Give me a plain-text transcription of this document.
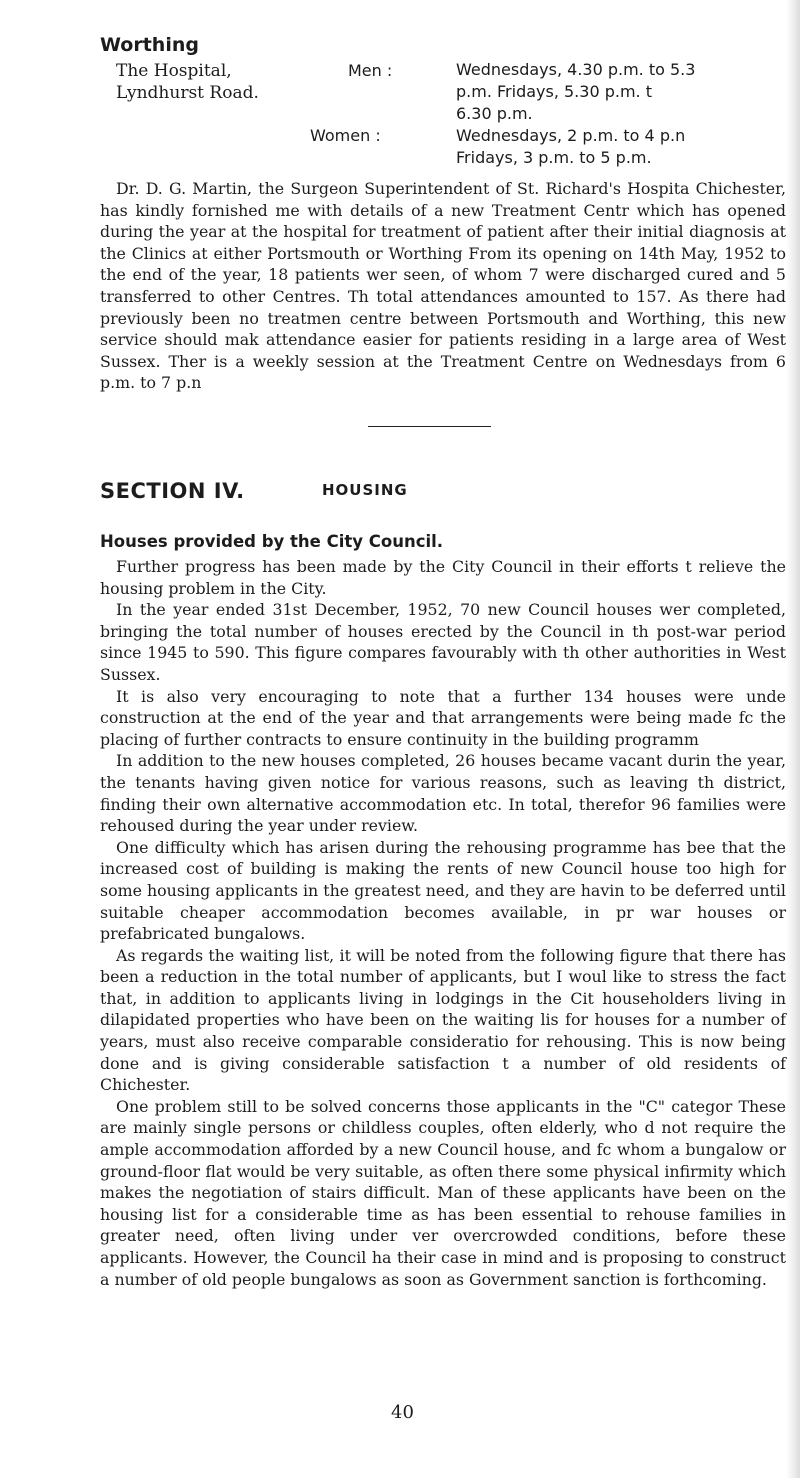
Worthing
The Hospital,
Lyndhurst Road.
Men :	Wednesdays, 4.30 p.m. to 5.3
p.m. Fridays, 5.30 p.m. t
6.30 p.m.
Women :	Wednesdays, 2 p.m. to 4 p.n
Fridays, 3 p.m. to 5 p.m.

Dr. D. G. Martin, the Surgeon Superintendent of St. Richard's Hospita Chichester, has kindly fornished me with details of a new Treatment Centr which has opened during the year at the hospital for treatment of patient after their initial diagnosis at the Clinics at either Portsmouth or Worthing From its opening on 14th May, 1952 to the end of the year, 18 patients wer seen, of whom 7 were discharged cured and 5 transferred to other Centres. Th total attendances amounted to 157. As there had previously been no treatmen centre between Portsmouth and Worthing, this new service should mak attendance easier for patients residing in a large area of West Sussex. Ther is a weekly session at the Treatment Centre on Wednesdays from 6 p.m. to 7 p.n

SECTION IV.	HOUSING
Houses provided by the City Council.

Further progress has been made by the City Council in their efforts t relieve the housing problem in the City.

In the year ended 31st December, 1952, 70 new Council houses wer completed, bringing the total number of houses erected by the Council in th post-war period since 1945 to 590. This figure compares favourably with th other authorities in West Sussex.

It is also very encouraging to note that a further 134 houses were unde construction at the end of the year and that arrangements were being made fc the placing of further contracts to ensure continuity in the building programm

In addition to the new houses completed, 26 houses became vacant durin the year, the tenants having given notice for various reasons, such as leaving th district, finding their own alternative accommodation etc. In total, therefor 96 families were rehoused during the year under review.

One difficulty which has arisen during the rehousing programme has bee that the increased cost of building is making the rents of new Council house too high for some housing applicants in the greatest need, and they are havin to be deferred until suitable cheaper accommodation becomes available, in pr war houses or prefabricated bungalows.

As regards the waiting list, it will be noted from the following figure that there has been a reduction in the total number of applicants, but I woul like to stress the fact that, in addition to applicants living in lodgings in the Cit householders living in dilapidated properties who have been on the waiting lis for houses for a number of years, must also receive comparable consideratio for rehousing. This is now being done and is giving considerable satisfaction t a number of old residents of Chichester.

One problem still to be solved concerns those applicants in the "C" categor These are mainly single persons or childless couples, often elderly, who d not require the ample accommodation afforded by a new Council house, and fc whom a bungalow or ground-floor flat would be very suitable, as often there some physical infirmity which makes the negotiation of stairs difficult. Man of these applicants have been on the housing list for a considerable time as has been essential to rehouse families in greater need, often living under ver overcrowded conditions, before these applicants. However, the Council ha their case in mind and is proposing to construct a number of old people bungalows as soon as Government sanction is forthcoming.

40
